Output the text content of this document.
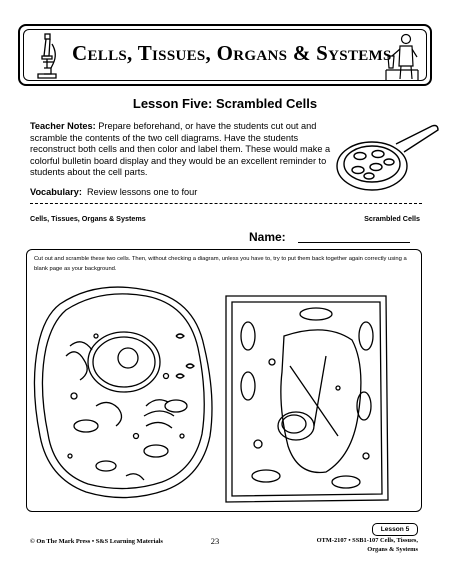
Cells, Tissues, Organs & Systems
Lesson Five: Scrambled Cells
Teacher Notes: Prepare beforehand, or have the students cut out and scramble the contents of the two cell diagrams. Have the students reconstruct both cells and then color and label them. These would make a colorful bulletin board display and they would be an excellent reminder to students about the cell parts.
Vocabulary: Review lessons one to four
Cells, Tissues, Organs & Systems	Scrambled Cells
Name:
Cut out and scramble these two cells. Then, without checking a diagram, unless you have to, try to put them back together again correctly using a blank page as your background.
Lesson 5
© On The Mark Press • S&S Learning Materials	23	OTM-2107 • SSB1-107 Cells, Tissues,
Organs & Systems
